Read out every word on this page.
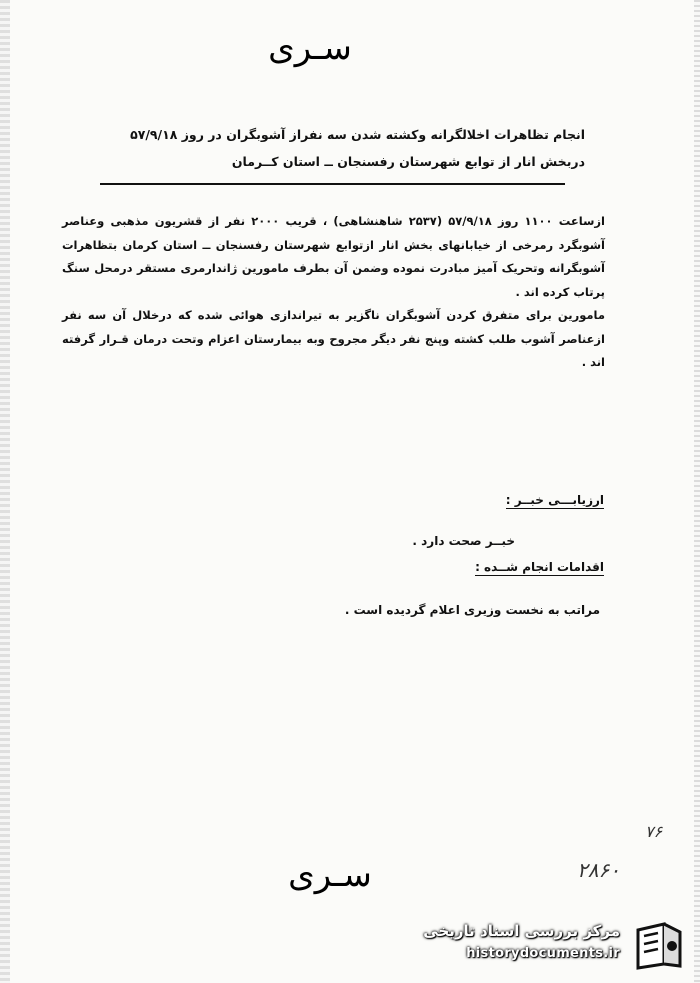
سـری
انجام تظاهرات اخلالگرانه وکشته شدن سه نفراز آشوبگران در روز ۵۷/۹/۱۸
دربخش انار از توابع شهرستان رفسنجان ــ استان کــرمان

ازساعت ۱۱۰۰ روز ۵۷/۹/۱۸ (۲۵۳۷ شاهنشاهی) ، قریب ۲۰۰۰ نفر از قشریون مذهبی وعناصر آشوبگرد رمرخی از خیابانهای بخش انار ازتوابع شهرستان رفسنجان ــ استان کرمان بتظاهرات آشوبگرانه وتحریک آمیز مبادرت نموده وضمن آن بطرف مامورین ژاندارمری مستقر درمحل سنگ پرتاب کرده اند .

مامورین برای متفرق کردن آشوبگران ناگزیر به تیراندازی هوائی شده که درخلال آن سه نفر ازعناصر آشوب طلب کشته وپنج نفر دیگر مجروح وبه بیمارستان اعزام وتحت درمان قـرار گرفته اند .

ارزیابـــی خبــر :
خبــر صحت دارد .
اقدامات انجام شــده :
مراتب به نخست وزیری اعلام گردیده است .
۷۶
سـری	۲۸۶۰
مرکز بررسی اسناد تاریخی
historydocuments.ir
